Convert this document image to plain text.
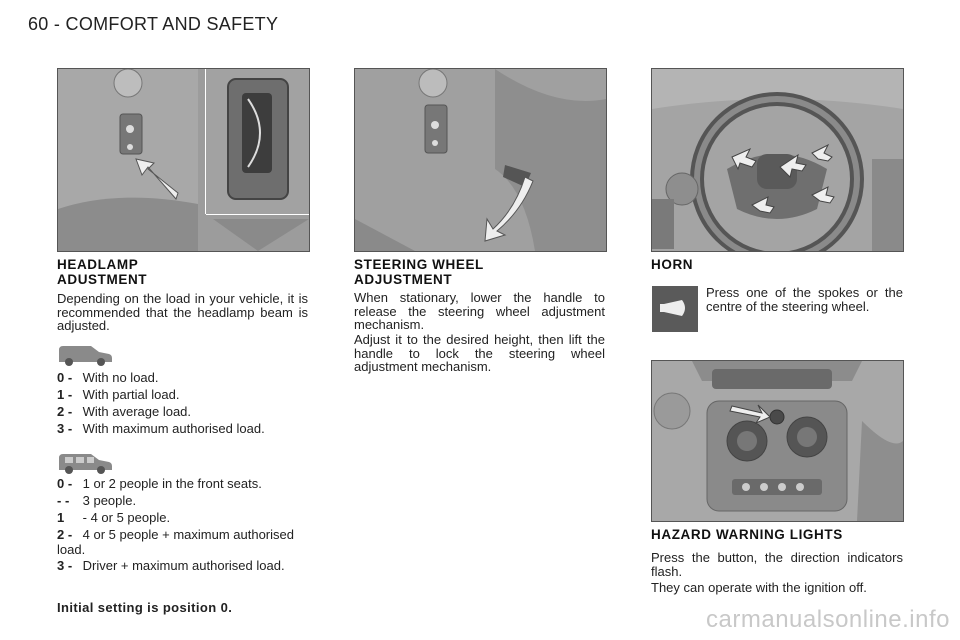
60 - COMFORT AND SAFETY
HEADLAMP
ADUSTMENT
Depending on the load in your vehicle, it is recommended that the headlamp beam is adjusted.
Initial setting is position 0.
STEERING WHEEL
ADJUSTMENT
When stationary, lower the handle to release the steering wheel adjustment mechanism.
Adjust it to the desired height, then lift the handle to lock the steering wheel adjustment mechanism.
HORN
Press one of the spokes or the centre of the steering wheel.
HAZARD WARNING LIGHTS
Press the button, the direction indicators flash.
They can operate with the ignition off.
carmanualsonline.info
0 - With no load.
1 - With partial load.
2 - With average load.
3 - With maximum authorised load.
0 - 1 or 2 people in the front seats.
- - 3 people.
1 - 4 or 5 people.
2 - 4 or 5 people + maximum authorised load.
3 - Driver + maximum authorised load.
